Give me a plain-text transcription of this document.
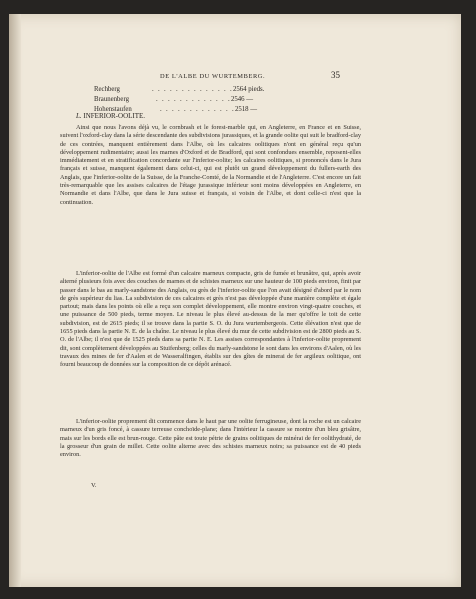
DE L'ALBE DU WURTEMBERG.	35
Rechberg	. . . . . . . . . . . . . .2564 pieds.
Braunenberg	. . . . . . . . . . . . .2546 —
Hohenstaufen	. . . . . . . . . . . . .2518 —
L. INFERIOR-OOLITE.
Ainsi que nous l'avons déjà vu, le cornbrash et le forest-marble qui, en Angleterre, en France et en Suisse, suivent l'oxford-clay dans la série descendante des subdivisions jurassiques, et la grande oolite qui suit le bradford-clay de ces contrées, manquent entièrement dans l'Albe, où les calcaires oolitiques n'ont en général reçu qu'un développement rudimentaire; aussi les marnes d'Oxford et de Bradford, qui sont confondues ensemble, reposent-elles immédiatement et en stratification concordante sur l'inferior-oolite; les calcaires oolitiques, si prononcés dans le Jura français et suisse, manquent également dans celui-ci, qui est plutôt un grand développement du fullers-earth des Anglais, que l'inferior-oolite de la Suisse, de la Franche-Comté, de la Normandie et de l'Angleterre. C'est encore un fait très-remarquable que les assises calcaires de l'étage jurassique inférieur sont moins développées en Angleterre, en Normandie et dans l'Albe, que dans le Jura suisse et français, si voisin de l'Albe, et dont celle-ci n'est que la continuation.
L'inferior-oolite de l'Albe est formé d'un calcaire marneux compacte, gris de fumée et brunâtre, qui, après avoir alterné plusieurs fois avec des couches de marnes et de schistes marneux sur une hauteur de 100 pieds environ, finit par passer dans le bas au marly-sandstone des Anglais, ou grès de l'inferior-oolite que l'on avait désigné d'abord par le nom de grès supérieur du lias. La subdivision de ces calcaires et grès n'est pas développée d'une manière complète et égale partout; mais dans les points où elle a reçu son complet développement, elle montre environ vingt-quatre couches, et une puissance de 500 pieds, terme moyen. Le niveau le plus élevé au-dessus de la mer qu'offre le toit de cette subdivision, est de 2615 pieds; il se trouve dans la partie S. O. du Jura wurtembergeois. Cette élévation n'est que de 1655 pieds dans la partie N. E. de la chaîne. Le niveau le plus élevé du mur de cette subdivision est de 2800 pieds au S. O. de l'Albe; il n'est que de 1525 pieds dans sa partie N. E. Les assises correspondantes à l'inferior-oolite proprement dit, sont complètement développées au Stuifenberg; celles du marly-sandstone le sont dans les environs d'Aalen, où les travaux des mines de fer d'Aalen et de Wasseralfingen, établis sur des gîtes de minerai de fer argileux oolitique, ont fourni beaucoup de données sur la composition de ce dépôt arénacé.
L'inferior-oolite proprement dit commence dans le haut par une oolite ferrugineuse, dont la roche est un calcaire marneux d'un gris foncé, à cassure terreuse conchoïde-plane; dans l'intérieur la cassure se montre d'un bleu grisâtre, mais sur les bords elle est brun-rouge. Cette pâte est toute pétrie de grains oolitiques de minérai de fer oolithydraté, de la grosseur d'un grain de millet. Cette oolite alterne avec des schistes marneux noirs; sa puissance est de 40 pieds environ.
V.
